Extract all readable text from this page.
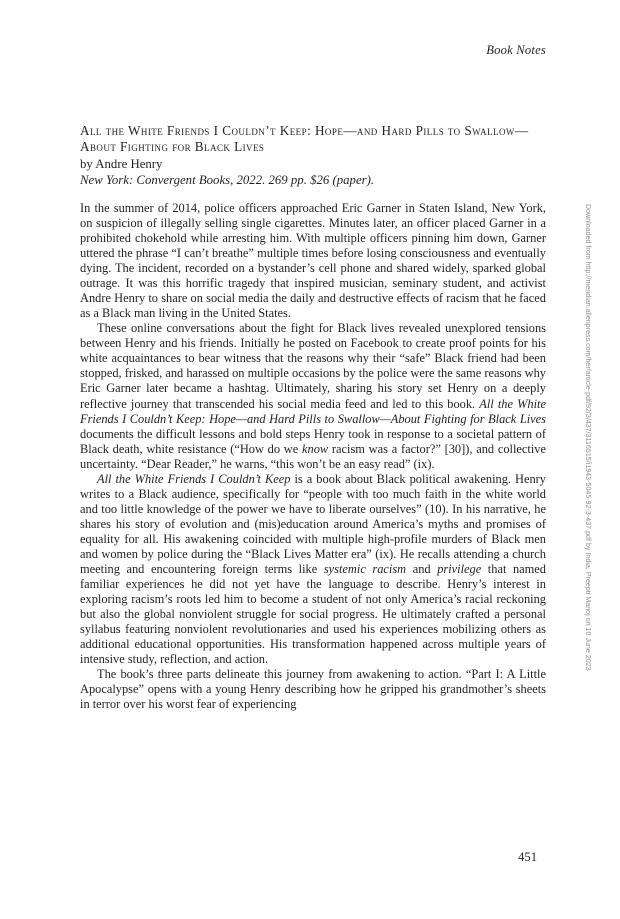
Book Notes
All the White Friends I Couldn’t Keep: Hope—and Hard Pills to Swallow—About Fighting for Black Lives
by Andre Henry
New York: Convergent Books, 2022. 269 pp. $26 (paper).

In the summer of 2014, police officers approached Eric Garner in Staten Island, New York, on suspicion of illegally selling single cigarettes. Minutes later, an officer placed Garner in a prohibited chokehold while arresting him. With multiple officers pinning him down, Garner uttered the phrase “I can’t breathe” multiple times before losing consciousness and eventually dying. The incident, recorded on a bystander’s cell phone and shared widely, sparked global outrage. It was this horrific tragedy that inspired musician, seminary student, and activist Andre Henry to share on social media the daily and destructive effects of racism that he faced as a Black man living in the United States.

These online conversations about the fight for Black lives revealed unexplored tensions between Henry and his friends. Initially he posted on Facebook to create proof points for his white acquaintances to bear witness that the reasons why their “safe” Black friend had been stopped, frisked, and harassed on multiple occasions by the police were the same reasons why Eric Garner later became a hashtag. Ultimately, sharing his story set Henry on a deeply reflective journey that transcended his social media feed and led to this book. All the White Friends I Couldn’t Keep: Hope—and Hard Pills to Swallow—About Fighting for Black Lives documents the difficult lessons and bold steps Henry took in response to a societal pattern of Black death, white resistance (“How do we know racism was a factor?” [30]), and collective uncertainty. “Dear Reader,” he warns, “this won’t be an easy read” (ix).

All the White Friends I Couldn’t Keep is a book about Black political awakening. Henry writes to a Black audience, specifically for “people with too much faith in the white world and too little knowledge of the power we have to liberate ourselves” (10). In his narrative, he shares his story of evolution and (mis)education around America’s myths and promises of equality for all. His awakening coincided with multiple high-profile murders of Black men and women by police during the “Black Lives Matter era” (ix). He recalls attending a church meeting and encountering foreign terms like systemic racism and privilege that named familiar experiences he did not yet have the language to describe. Henry’s interest in exploring racism’s roots led him to become a student of not only America’s racial reckoning but also the global nonviolent struggle for social progress. He ultimately crafted a personal syllabus featuring nonviolent revolutionaries and used his experiences mobilizing others as additional educational opportunities. His transformation happened across multiple years of intensive study, reflection, and action.

The book’s three parts delineate this journey from awakening to action. “Part I: A Little Apocalypse” opens with a young Henry describing how he gripped his grandmother’s sheets in terror over his worst fear of experiencing

Downloaded from http://meridian.allenpress.com/her/article-pdf/92/3/437/3116515/i1943-5045-92-3-437.pdf by India, Preepti Manoj on 10 June 2023
451
